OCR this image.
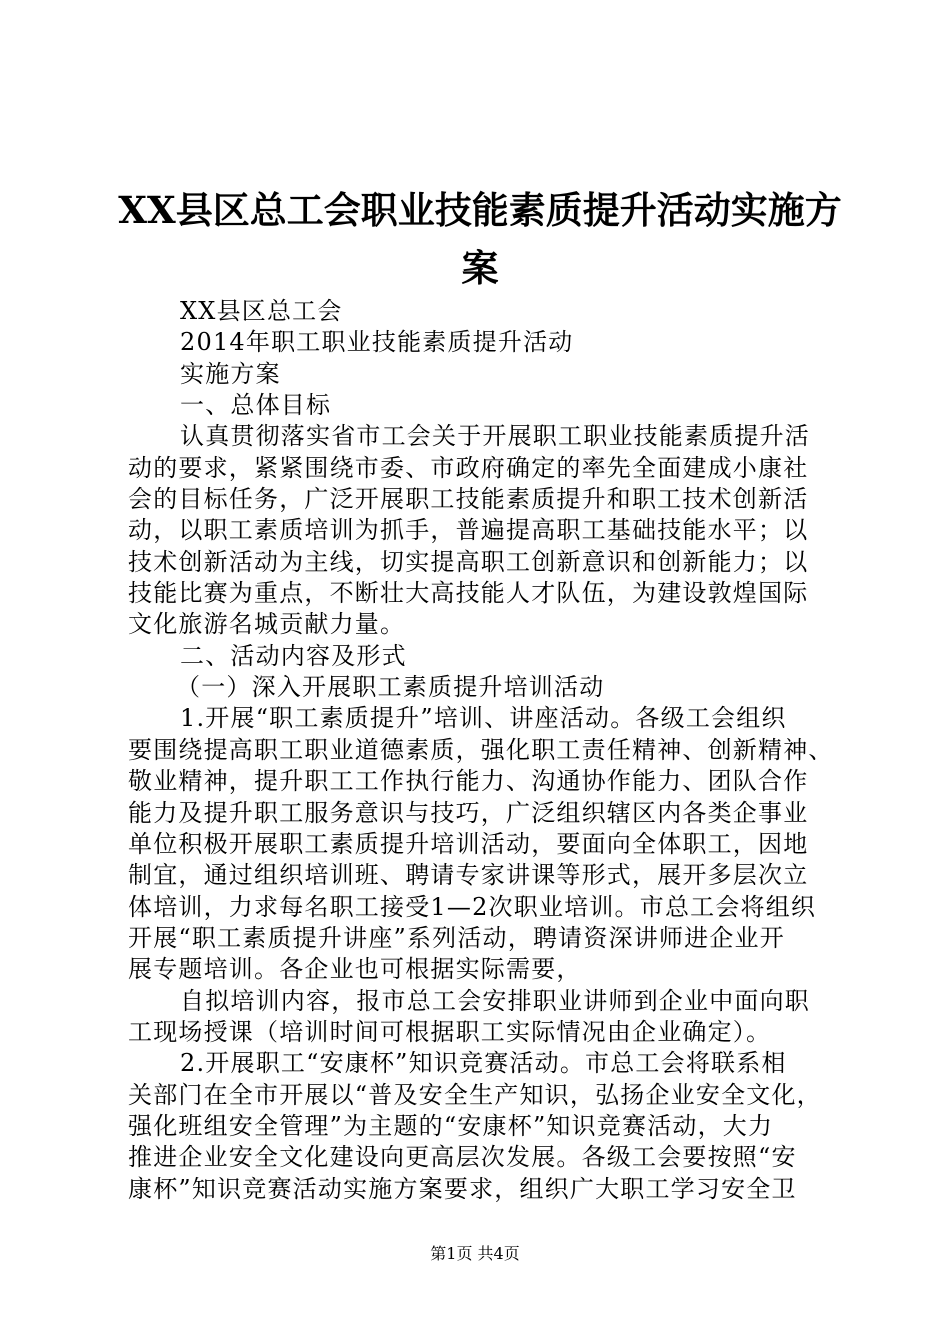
XX县区总工会职业技能素质提升活动实施方
案
XX县区总工会
2014年职工职业技能素质提升活动
实施方案
一、总体目标
认真贯彻落实省市工会关于开展职工职业技能素质提升活
动的要求，紧紧围绕市委、市政府确定的率先全面建成小康社
会的目标任务，广泛开展职工技能素质提升和职工技术创新活
动，以职工素质培训为抓手，普遍提高职工基础技能水平；以
技术创新活动为主线，切实提高职工创新意识和创新能力；以
技能比赛为重点，不断壮大高技能人才队伍，为建设敦煌国际
文化旅游名城贡献力量。
二、活动内容及形式
（一）深入开展职工素质提升培训活动
1.开展“职工素质提升”培训、讲座活动。各级工会组织
要围绕提高职工职业道德素质，强化职工责任精神、创新精神、
敬业精神，提升职工工作执行能力、沟通协作能力、团队合作
能力及提升职工服务意识与技巧，广泛组织辖区内各类企事业
单位积极开展职工素质提升培训活动，要面向全体职工，因地
制宜，通过组织培训班、聘请专家讲课等形式，展开多层次立
体培训，力求每名职工接受1—2次职业培训。市总工会将组织
开展“职工素质提升讲座”系列活动，聘请资深讲师进企业开
展专题培训。各企业也可根据实际需要，
自拟培训内容，报市总工会安排职业讲师到企业中面向职
工现场授课（培训时间可根据职工实际情况由企业确定）。
2.开展职工“安康杯”知识竞赛活动。市总工会将联系相
关部门在全市开展以“普及安全生产知识，弘扬企业安全文化，
强化班组安全管理”为主题的“安康杯”知识竞赛活动，大力
推进企业安全文化建设向更高层次发展。各级工会要按照“安
康杯”知识竞赛活动实施方案要求，组织广大职工学习安全卫
第1页 共4页
